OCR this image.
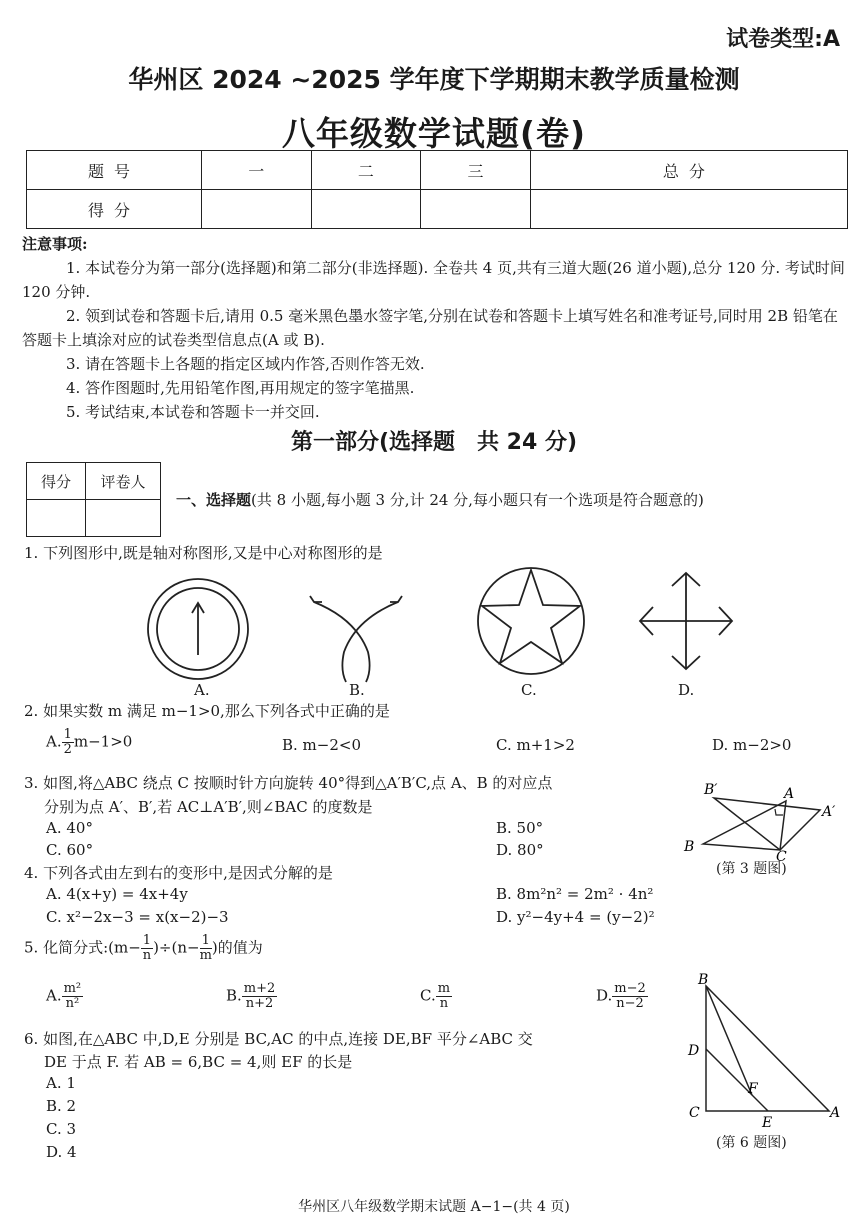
试卷类型:A
华州区 2024 ~2025 学年度下学期期末教学质量检测
八年级数学试题(卷)
题号	一	二	三	总分
得分				

注意事项:

1. 本试卷分为第一部分(选择题)和第二部分(非选择题). 全卷共 4 页,共有三道大题(26 道小题),总分 120 分. 考试时间 120 分钟.

2. 领到试卷和答题卡后,请用 0.5 毫米黑色墨水签字笔,分别在试卷和答题卡上填写姓名和准考证号,同时用 2B 铅笔在答题卡上填涂对应的试卷类型信息点(A 或 B).

3. 请在答题卡上各题的指定区域内作答,否则作答无效.

4. 答作图题时,先用铅笔作图,再用规定的签字笔描黑.

5. 考试结束,本试卷和答题卡一并交回.

第一部分(选择题　共 24 分)
得分	评卷人

一、选择题(共 8 小题,每小题 3 分,计 24 分,每小题只有一个选项是符合题意的)
1. 下列图形中,既是轴对称图形,又是中心对称图形的是
A.	B.	C.	D.
2. 如果实数 m 满足 m−1>0,那么下列各式中正确的是
A. $\frac{1}{2} m-1>0$	B. m−2<0	C. m+1>2	D. m−2>0
3. 如图,将△ABC 绕点 C 按顺时针方向旋转 40°得到△A′B′C,点 A、B 的对应点
分别为点 A′、B′,若 AC⊥A′B′,则∠BAC 的度数是
A. 40°	B. 50°
C. 60°	D. 80°
A
B
C
A′
B′
(第 3 题图)
4. 下列各式由左到右的变形中,是因式分解的是
A. 4(x+y) = 4x+4y	B. 8m²n² = 2m² · 4n²
C. x²−2x−3 = x(x−2)−3	D. y²−4y+4 = (y−2)²
5. 化简分式:(m− $\frac{1}{n} )\div(n- \frac{1}{m}$ )的值为
A. $\frac{\text{m²}}{\text{n²}}$	B. $\frac{m+2}{n+2}$	C. $\frac{m}{n}$	D. $\frac{m-2}{n-2}$
6. 如图,在△ABC 中,D,E 分别是 BC,AC 的中点,连接 DE,BF 平分∠ABC 交
DE 于点 F. 若 AB = 6,BC = 4,则 EF 的长是
A. 1
B. 2
C. 3
D. 4
B
D
F
C
E
A
(第 6 题图)
华州区八年级数学期末试题 A−1−(共 4 页)
